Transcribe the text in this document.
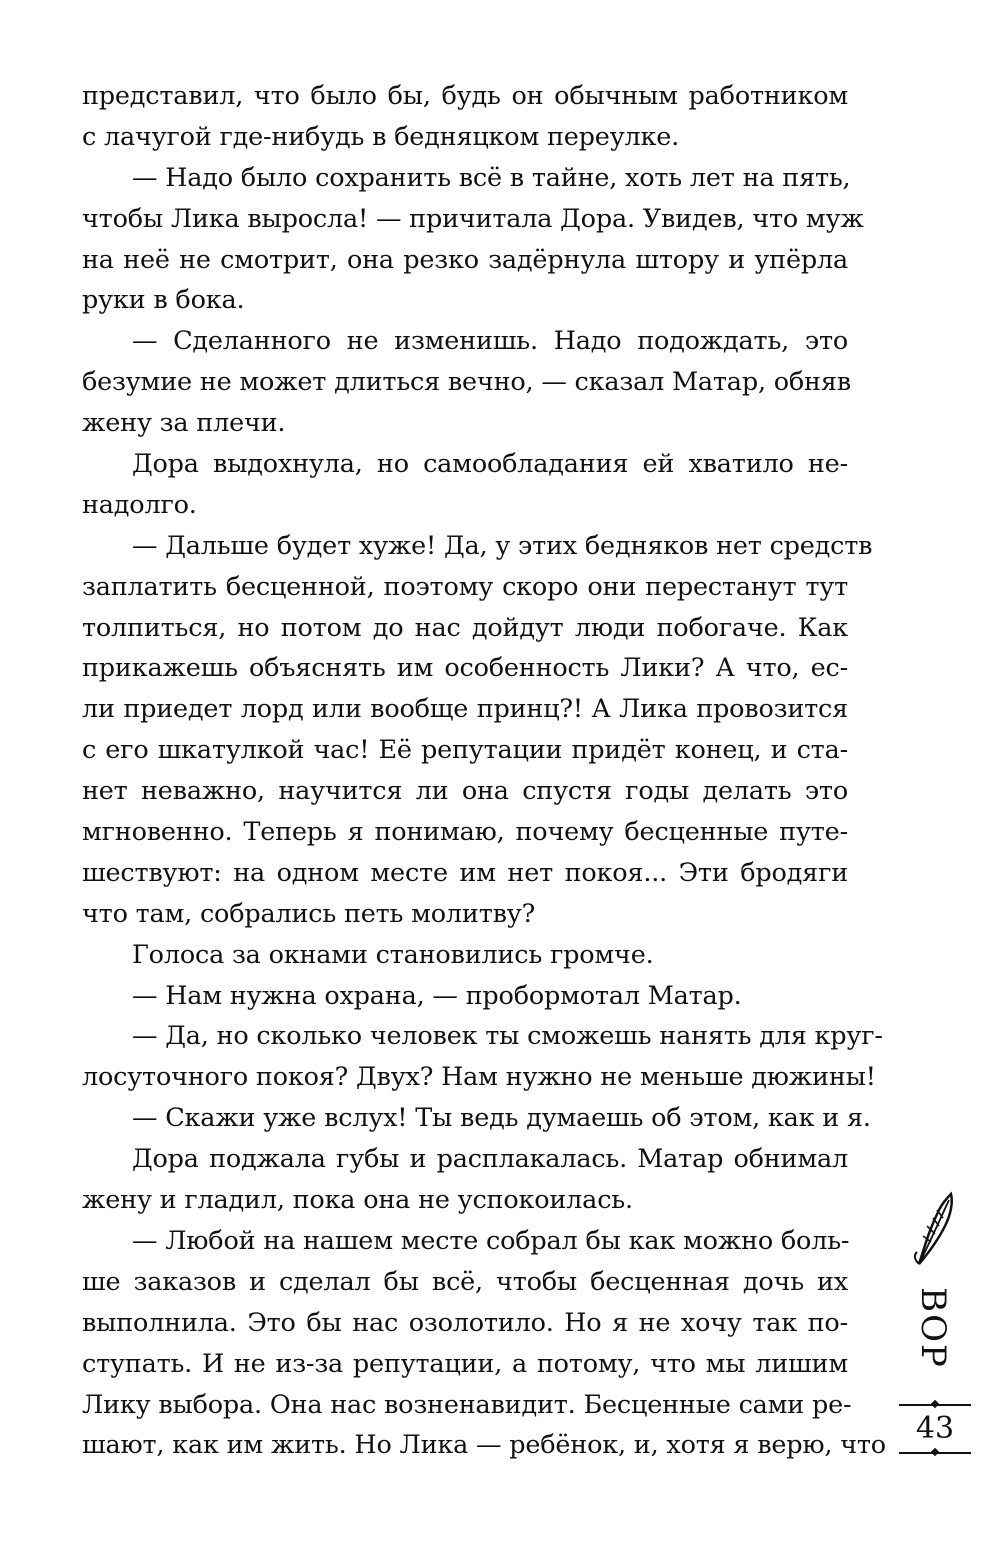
представил, что было бы, будь он обычным работником
с лачугой где-нибудь в бедняцком переулке.
— Надо было сохранить всё в тайне, хоть лет на пять,
чтобы Лика выросла! — причитала Дора. Увидев, что муж
на неё не смотрит, она резко задёрнула штору и упёрла
руки в бока.
— Сделанного не изменишь. Надо подождать, это
безумие не может длиться вечно, — сказал Матар, обняв
жену за плечи.
Дора выдохнула, но самообладания ей хватило не-
надолго.
— Дальше будет хуже! Да, у этих бедняков нет средств
заплатить бесценной, поэтому скоро они перестанут тут
толпиться, но потом до нас дойдут люди побогаче. Как
прикажешь объяснять им особенность Лики? А что, ес-
ли приедет лорд или вообще принц?! А Лика провозится
с его шкатулкой час! Её репутации придёт конец, и ста-
нет неважно, научится ли она спустя годы делать это
мгновенно. Теперь я понимаю, почему бесценные путе-
шествуют: на одном месте им нет покоя... Эти бродяги
что там, собрались петь молитву?
Голоса за окнами становились громче.
— Нам нужна охрана, — пробормотал Матар.
— Да, но сколько человек ты сможешь нанять для круг-
лосуточного покоя? Двух? Нам нужно не меньше дюжины!
— Скажи уже вслух! Ты ведь думаешь об этом, как и я.
Дора поджала губы и расплакалась. Матар обнимал
жену и гладил, пока она не успокоилась.
— Любой на нашем месте собрал бы как можно боль-
ше заказов и сделал бы всё, чтобы бесценная дочь их
выполнила. Это бы нас озолотило. Но я не хочу так по-
ступать. И не из-за репутации, а потому, что мы лишим
Лику выбора. Она нас возненавидит. Бесценные сами ре-
шают, как им жить. Но Лика — ребёнок, и, хотя я верю, что
ВОР
43
